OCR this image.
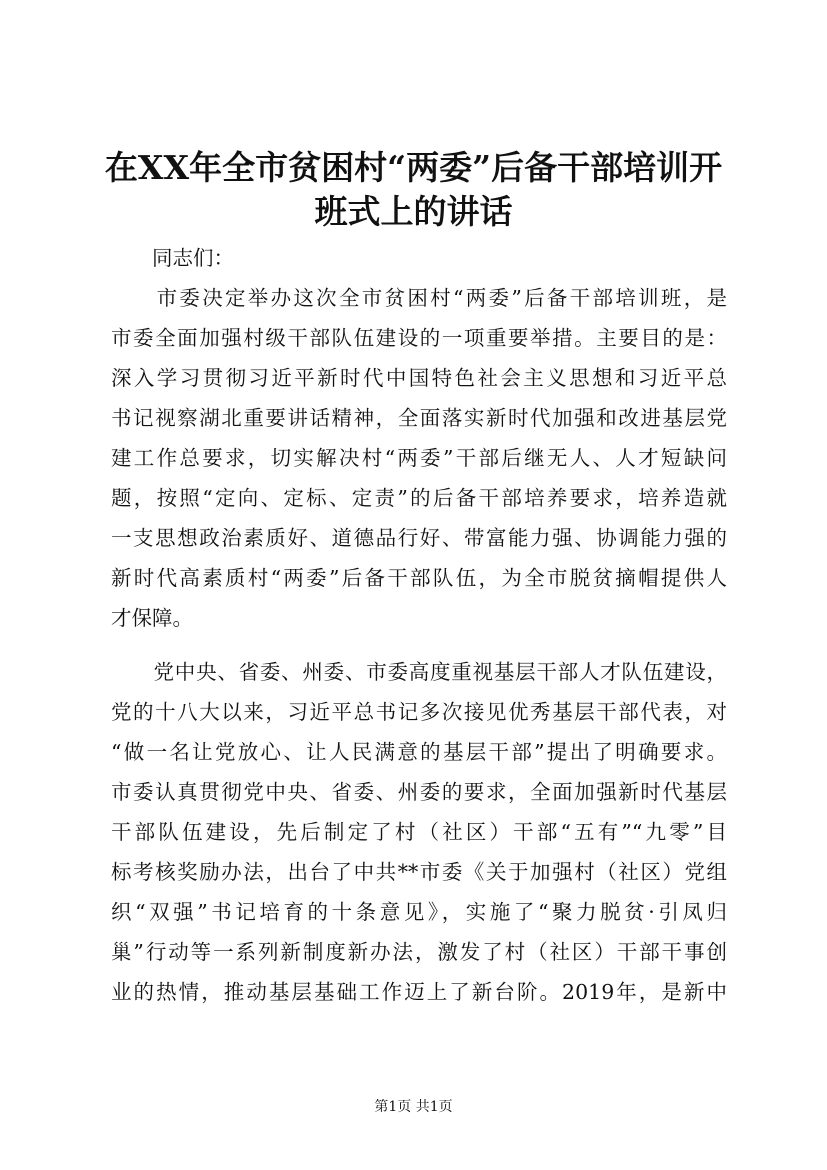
在XX年全市贫困村“两委”后备干部培训开
班式上的讲话

　　同志们：

　　市委决定举办这次全市贫困村“两委”后备干部培训班，是

市委全面加强村级干部队伍建设的一项重要举措。主要目的是：

深入学习贯彻习近平新时代中国特色社会主义思想和习近平总

书记视察湖北重要讲话精神，全面落实新时代加强和改进基层党

建工作总要求，切实解决村“两委”干部后继无人、人才短缺问

题，按照“定向、定标、定责”的后备干部培养要求，培养造就

一支思想政治素质好、道德品行好、带富能力强、协调能力强的

新时代高素质村“两委”后备干部队伍，为全市脱贫摘帽提供人

才保障。

　　党中央、省委、州委、市委高度重视基层干部人才队伍建设，

党的十八大以来，习近平总书记多次接见优秀基层干部代表，对

“做一名让党放心、让人民满意的基层干部”提出了明确要求。

市委认真贯彻党中央、省委、州委的要求，全面加强新时代基层

干部队伍建设，先后制定了村（社区）干部“五有”“九零”目

标考核奖励办法，出台了中共**市委《关于加强村（社区）党组

织“双强”书记培育的十条意见》，实施了“聚力脱贫·引凤归

巢”行动等一系列新制度新办法，激发了村（社区）干部干事创

业的热情，推动基层基础工作迈上了新台阶。2019年，是新中

第1页 共1页
